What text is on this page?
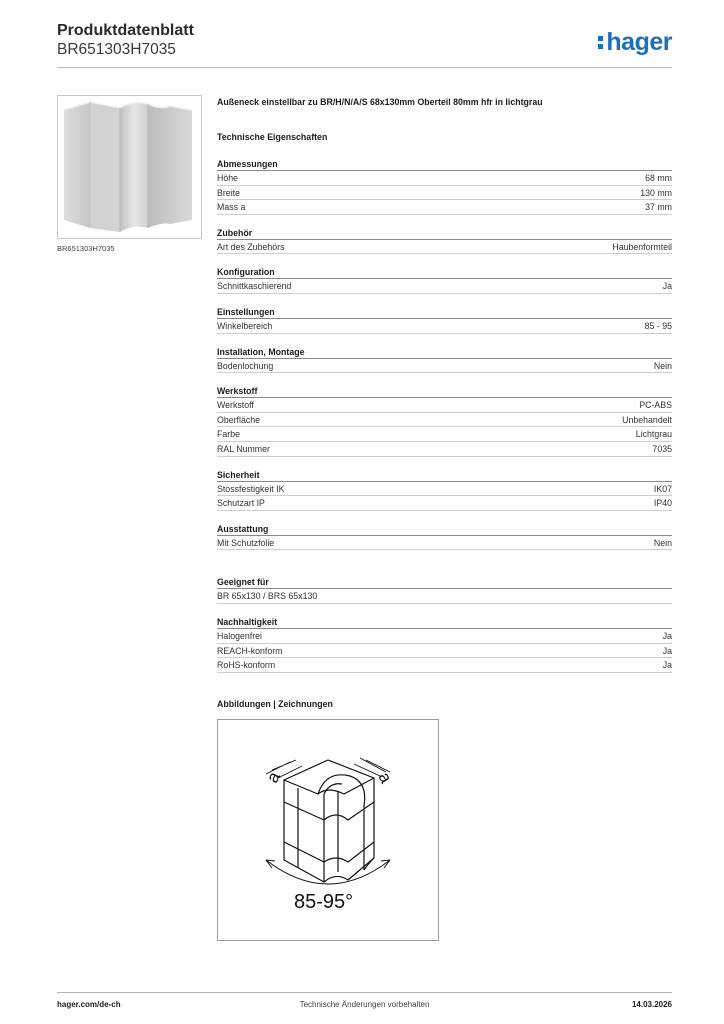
Produktdatenblatt
BR651303H7035	hager
BR651303H7035
Außeneck einstellbar zu BR/H/N/A/S 68x130mm Oberteil 80mm hfr in lichtgrau
Technische Eigenschaften
Abmessungen
Höhe	68 mm
Breite	130 mm
Mass a	37 mm
Zubehör
Art des Zubehörs	Haubenformteil
Konfiguration
Schnittkaschierend	Ja
Einstellungen
Winkelbereich	85 - 95
Installation, Montage
Bodenlochung	Nein
Werkstoff
Werkstoff	PC-ABS
Oberfläche	Unbehandelt
Farbe	Lichtgrau
RAL Nummer	7035
Sicherheit
Stossfestigkeit IK	IK07
Schutzart IP	IP40
Ausstattung
Mit Schutzfolie	Nein
Geeignet für
BR 65x130 / BRS 65x130
Nachhaltigkeit
Halogenfrei	Ja
REACH-konform	Ja
RoHS-konform	Ja
Abbildungen | Zeichnungen
a	a
85-95°
hager.com/de-ch	Technische Änderungen vorbehalten	14.03.2026
